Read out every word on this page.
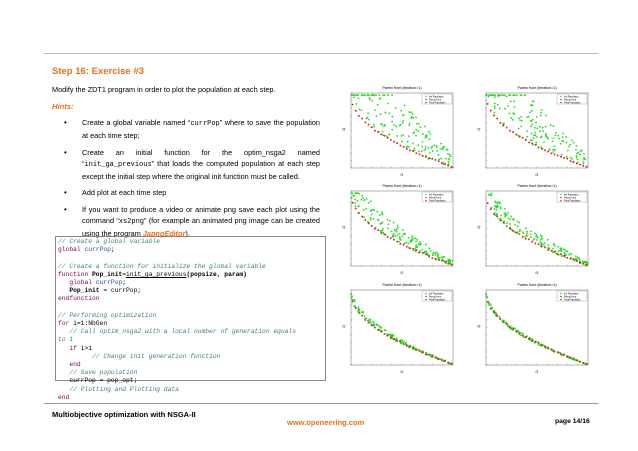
Step 16: Exercise #3
Modify the ZDT1 program in order to plot the population at each step.
Hints:
• Create a global variable named “currPop” where to save the population at each time step;
• Create an initial function for the optim_nsga2 named “init_ga_previous” that loads the computed population at each step except the initial step where the original init function must be called.
• Add plot at each time step
• If you want to produce a video or animate png save each plot using the command “xs2png” (for example an animated png image can be created using the program JapngEditor).
// Create a global variable
global currPop;

// Create a function for initialize the global variable
function Pop_init=init_ga_previous(popsize, param)
global currPop;
Pop_init = currPop;
endfunction

// Performing optimization
for i=1:NbGen
// Call optim_nsga2 with a local number of generation equals
to 1
if i>1
// Change init generation function
end
// Save population
currPop = pop_opt;
// Plotting and Plotting data
end
Pareto front (iteration=1)
f1
f2
Init Population
Pareto front
Final Population
Pareto front (iteration=1)
f1
f2
Init Population
Pareto front
Final Population
Pareto front (iteration=1)
f1
f2
Init Population
Pareto front
Final Population
Pareto front (iteration=1)
f1
f2
Init Population
Pareto front
Final Population
Pareto front (iteration=1)
f1
f2
Init Population
Pareto front
Final Population
Pareto front (iteration=1)
f1
f2
Init Population
Pareto front
Final Population
Multiobjective optimization with NSGA-II
www.openeering.com	page 14/16
